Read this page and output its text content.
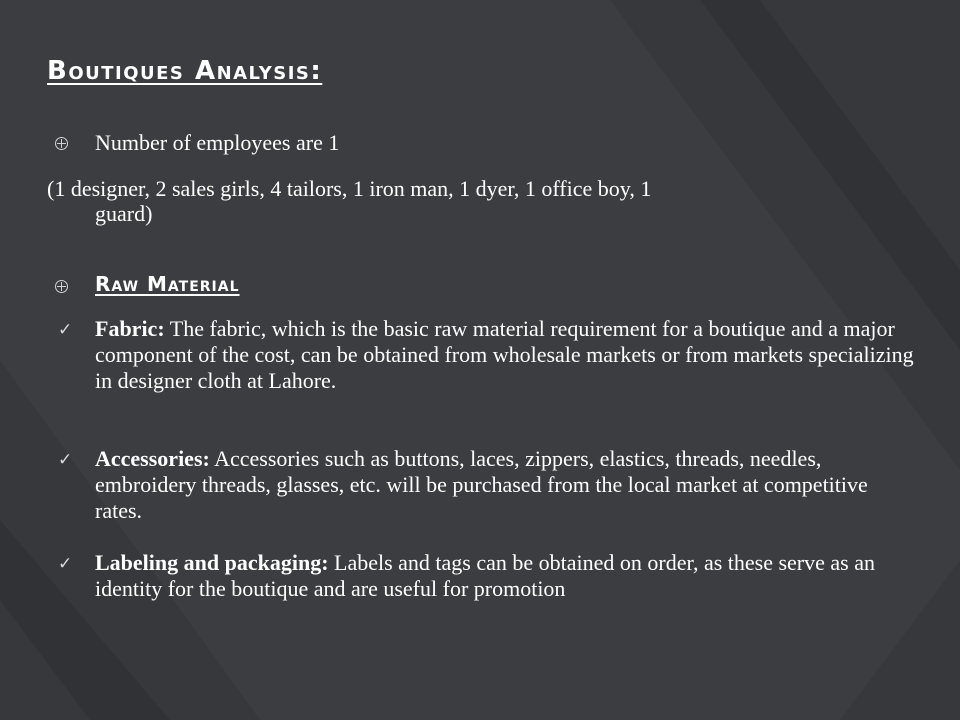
Boutiques Analysis:
Number of employees are 1
(1 designer, 2 sales girls, 4 tailors, 1 iron man, 1 dyer, 1 office boy, 1
guard)
Raw Material
✓ Fabric: The fabric, which is the basic raw material requirement for a boutique and a major component of the cost, can be obtained from wholesale markets or from markets specializing in designer cloth at Lahore.
✓ Accessories: Accessories such as buttons, laces, zippers, elastics, threads, needles, embroidery threads, glasses, etc. will be purchased from the local market at competitive rates.
✓ Labeling and packaging: Labels and tags can be obtained on order, as these serve as an identity for the boutique and are useful for promotion
